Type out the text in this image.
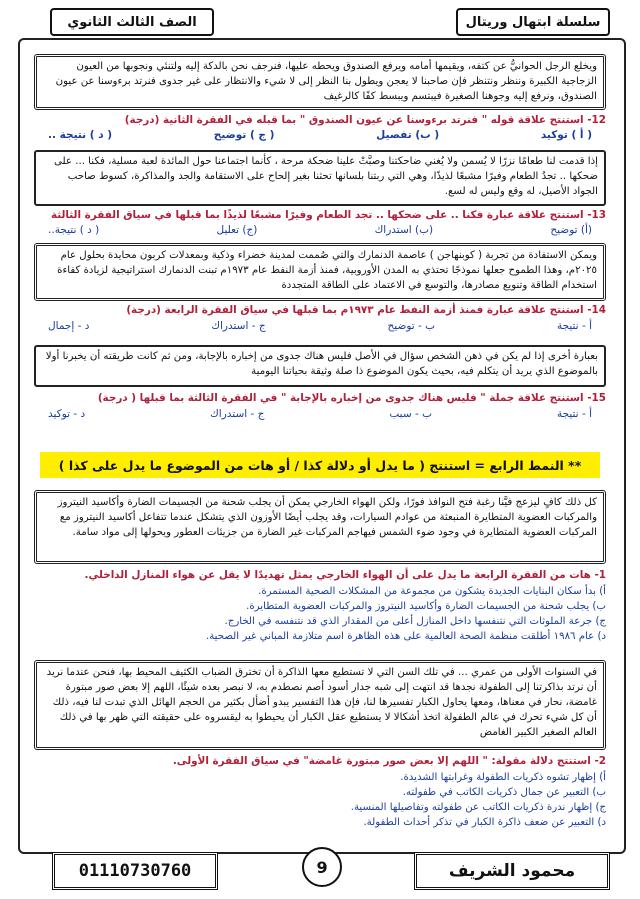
سلسلة ابتهال وريتال
الصف الثالث الثانوي
ويخلع الرجل الحوانيُّ عن كتفه، ويقيمها أمامه ويرفع الصندوق ويحطه عليها، فنرجف نحن بالدكة إليه ولتنئي ونجوبها من العيون الزجاجية الكبيرة وننظر ونتنظر فإن صاحبنا لا يعجن ويطول بنا النظر إلى لا شيء والانتظار على غير جدوى فنرتد برءوسنا عن عيون الصندوق، ونرفع إليه وجوهنا الصغيرة فيبتسم ويبسط كفًا كالرغيف
12- استنتج علاقة قوله " فنرتد برءوسنا عن عيون الصندوق " بما قبله في الفقرة الثانية (درجة)
( أ ) توكيد
( ب) تفصيل
( ج ) توضيح
( د ) نتيجة ..
إذا قدمت لنا طعامًا نزرًا لا يُسمن ولا يُغني ضاحكتنا وصبَّتْ علينا ضحكة مرحة ، كأنما اجتماعنا حول المائدة لعبة مسلية، فكنا ... على ضحكها .. تجدُ الطعام وفيرًا مشبعًا لذيذًا، وهي التي ربتنا بلسانها تحثنا بغير إلحاح على الاستقامة والجد والمذاكرة، كسوط صاحب الجواد الأصيل، له وقع وليس له لسع.
13- استنتج علاقة عبارة فكنا .. على ضحكها .. تجد الطعام وفيرًا مشبعًا لذيذًا بما قبلها في سياق الفقرة الثالثة
(أ) توضيح
(ب) استدراك
(ج) تعليل
( د ) نتيجة..
ويمكن الاستفادة من تجربة ( كوبنهاجن ) عاصمة الدنمارك والتي صُممت لمدينة خضراء وذكية وبمعدلات كربون محايدة بحلول عام ٢٠٢٥م، وهذا الطموح جعلها نموذجًا تحتذي به المدن الأوروبية، فمنذ أزمة النفط عام ١٩٧٣م تبنت الدنمارك استراتيجية لزيادة كفاءة استخدام الطاقة وتنويع مصادرها، والتوسع في الاعتماد على الطاقة المتجددة
14- استنتج علاقة عبارة فمنذ أزمة النفط عام ١٩٧٣م بما قبلها في سياق الفقرة الرابعة (درجة)
أ - نتيجة
ب - توضيح
ج - استدراك
د - إجمال
بعبارة أخرى إذا لم يكن في ذهن الشخص سؤال في الأصل فليس هناك جدوى من إخباره بالإجابة، ومن ثم كانت طريقته أن يخبرنا أولا بالموضوع الذي يريد أن يتكلم فيه، بحيث يكون الموضوع ذا صلة وثيقة بحياتنا اليومية
15- استنتج علاقة جملة " فليس هناك جدوى من إخباره بالإجابة " في الفقرة الثالثة بما قبلها ( درجة)
أ - نتيجة
ب - سبب
ج - استدراك
د - توكيد
** النمط الرابع = استنتج ( ما يدل أو دلالة كذا / أو هات من الموضوع ما يدل على كذا )
كل ذلك كافٍ ليزعج فيَّنا رغبة فتح النوافذ فورًا، ولكن الهواء الخارجي يمكن أن يجلب شحنة من الجسيمات الضارة وأكاسيد النيتروز والمركبات العضوية المتطايرة المنبعثة من عوادم السيارات، وقد يجلب أيضًا الأوزون الذي يتشكل عندما تتفاعل أكاسيد النيتروز مع المركبات العضوية المتطايرة في وجود ضوء الشمس فيهاجم المركبات غير الضارة من جزيئات العطور ويحولها إلى مواد سامة.
1- هات من الفقرة الرابعة ما يدل على أن الهواء الخارجي يمثل تهديدًا لا يقل عن هواء المنازل الداخلي.
أ) بدأ سكان البنايات الجديدة يشكون من مجموعة من المشكلات الصحية المستمرة.
ب) يجلب شحنة من الجسيمات الضارة وأكاسيد النيتروز والمركبات العضوية المتطايرة.
ج) جرعة الملوثات التي نتنفسها داخل المنازل أعلى من المقدار الذي قد نتنفسه في الخارج.
د) عام ١٩٨٦ أطلقت منظمة الصحة العالمية على هذه الظاهرة اسم متلازمة المباني غير الصحية.
في السنوات الأولى من عمري ... في تلك السن التي لا تستطيع معها الذاكرة أن تخترق الضباب الكثيف المحيط بها، فنحن عندما نريد أن نرتد بذاكرتنا إلى الطفولة نجدها قد انتهت إلى شبه جدار أسود أصم نصطدم به، لا نبصر بعده شيئًا، اللهم إلا بعض صور مبتورة غامضة، نحار في معناها، ومعها يحاول الكبار تفسيرها لنا، فإن هذا التفسير يبدو أضأل بكثير من الحجم الهائل الذي تبدت لنا فيه، ذلك أن كل شيء تحرك في عالم الطفولة اتخذ أشكالا لا يستطيع عقل الكبار أن يحيطوا به ليقسروه على حقيقته التي ظهر بها في ذلك العالم الصغير الكبير الغامض
2- استنتج دلالة مقولة: " اللهم إلا بعض صور مبتورة غامضة" في سياق الفقرة الأولى.
أ) إظهار تشوه ذكريات الطفولة وغرابتها الشديدة.
ب) التعبير عن جمال ذكريات الكاتب في طفولته.
ج) إظهار ندرة ذكريات الكاتب عن طفولته وتفاصيلها المنسية.
د) التعبير عن ضعف ذاكرة الكبار في تذكر أحداث الطفولة.
محمود الشريف
9
01110730760
